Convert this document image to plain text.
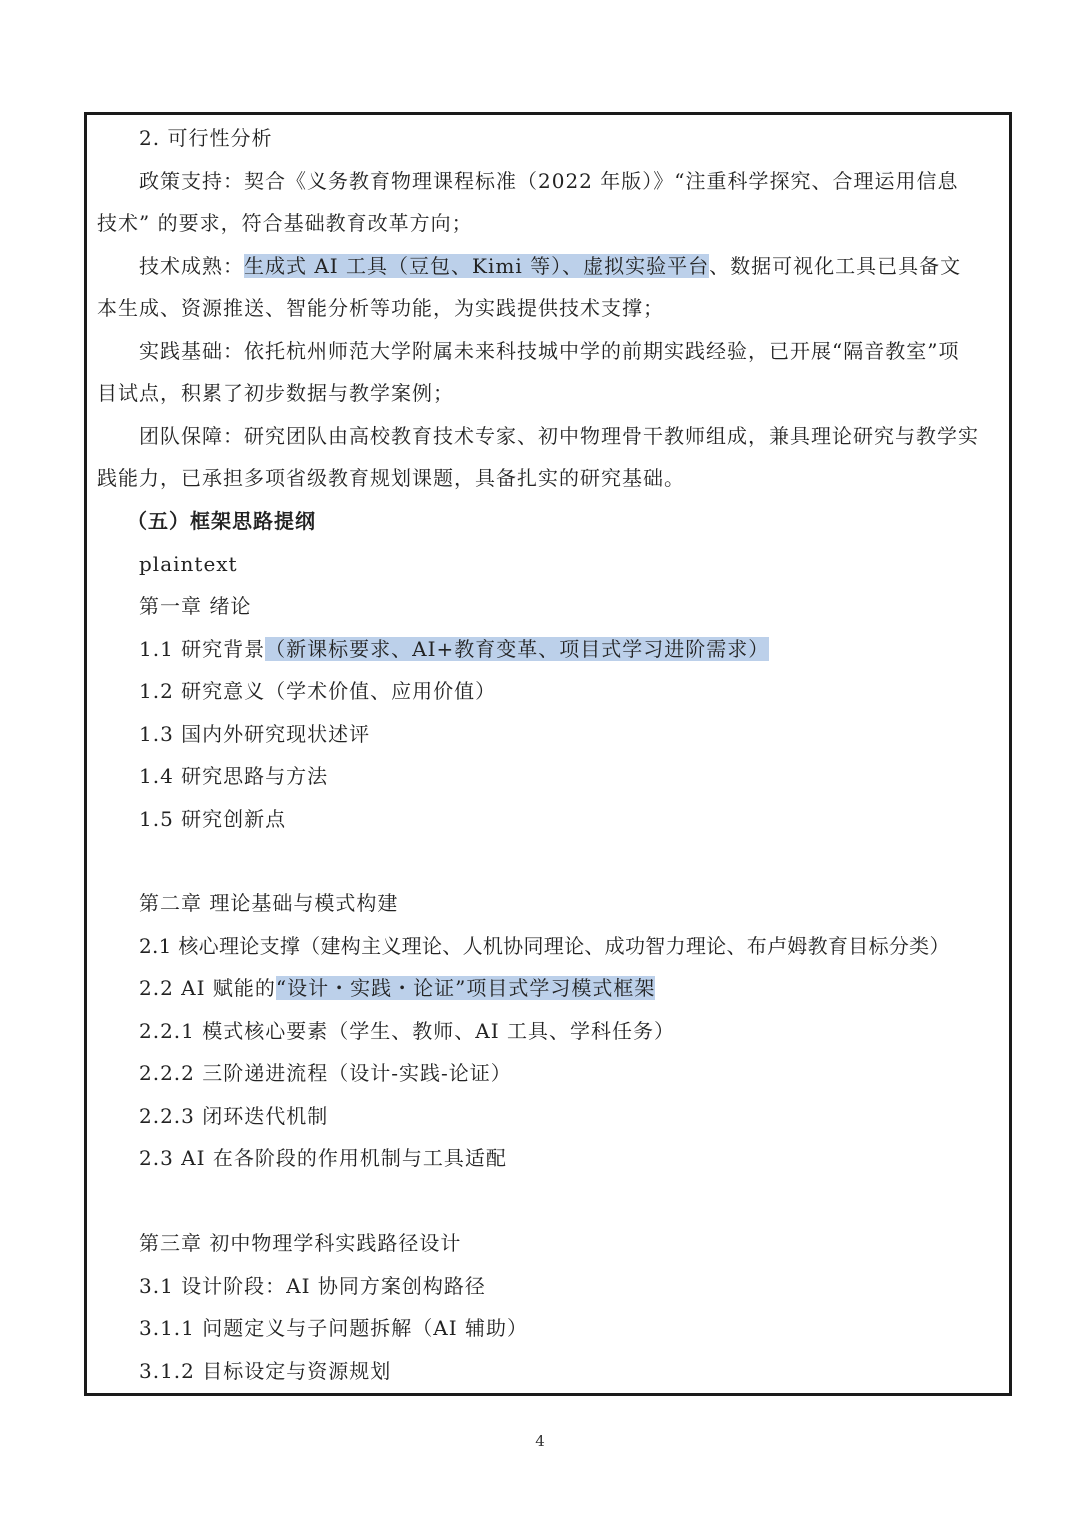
2. 可行性分析
政策支持：契合《义务教育物理课程标准（2022 年版）》“注重科学探究、合理运用信息
技术” 的要求，符合基础教育改革方向；
技术成熟：生成式 AI 工具（豆包、Kimi 等）、虚拟实验平台、数据可视化工具已具备文
本生成、资源推送、智能分析等功能，为实践提供技术支撑；
实践基础：依托杭州师范大学附属未来科技城中学的前期实践经验，已开展“隔音教室”项
目试点，积累了初步数据与教学案例；
团队保障：研究团队由高校教育技术专家、初中物理骨干教师组成，兼具理论研究与教学实
践能力，已承担多项省级教育规划课题，具备扎实的研究基础。
（五）框架思路提纲
plaintext
第一章 绪论
1.1 研究背景（新课标要求、AI+教育变革、项目式学习进阶需求）
1.2 研究意义（学术价值、应用价值）
1.3 国内外研究现状述评
1.4 研究思路与方法
1.5 研究创新点
第二章 理论基础与模式构建
2.1 核心理论支撑（建构主义理论、人机协同理论、成功智力理论、布卢姆教育目标分类）
2.2 AI 赋能的“设计・实践・论证”项目式学习模式框架
2.2.1 模式核心要素（学生、教师、AI 工具、学科任务）
2.2.2 三阶递进流程（设计-实践-论证）
2.2.3 闭环迭代机制
2.3 AI 在各阶段的作用机制与工具适配
第三章 初中物理学科实践路径设计
3.1 设计阶段：AI 协同方案创构路径
3.1.1 问题定义与子问题拆解（AI 辅助）
3.1.2 目标设定与资源规划
4
